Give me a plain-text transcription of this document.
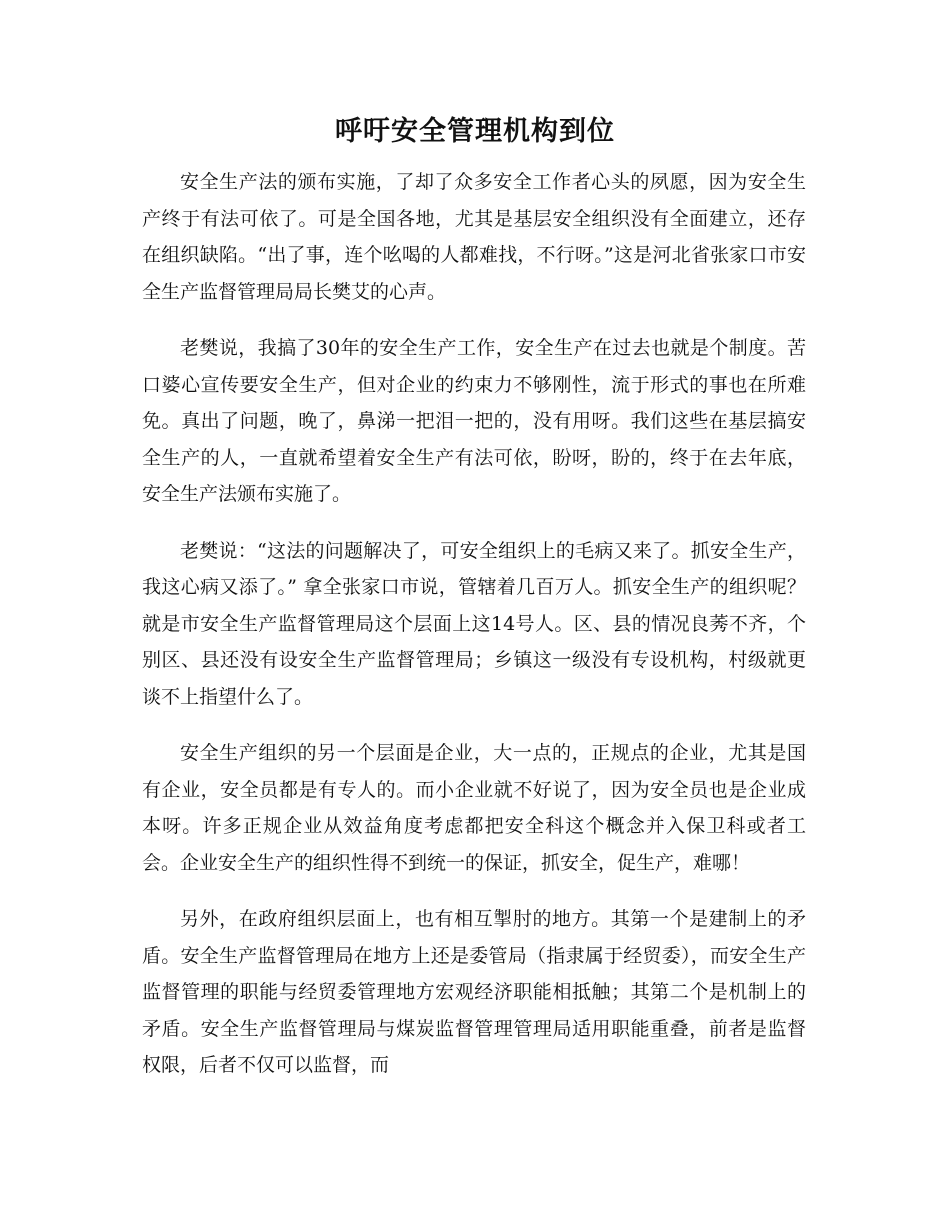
呼吁安全管理机构到位

安全生产法的颁布实施，了却了众多安全工作者心头的夙愿，因为安全生产终于有法可依了。可是全国各地，尤其是基层安全组织没有全面建立，还存在组织缺陷。“出了事，连个吆喝的人都难找，不行呀。”这是河北省张家口市安全生产监督管理局局长樊艾的心声。

老樊说，我搞了30年的安全生产工作，安全生产在过去也就是个制度。苦口婆心宣传要安全生产，但对企业的约束力不够刚性，流于形式的事也在所难免。真出了问题，晚了，鼻涕一把泪一把的，没有用呀。我们这些在基层搞安全生产的人，一直就希望着安全生产有法可依，盼呀，盼的，终于在去年底，安全生产法颁布实施了。

老樊说：“这法的问题解决了，可安全组织上的毛病又来了。抓安全生产，我这心病又添了。” 拿全张家口市说，管辖着几百万人。抓安全生产的组织呢？就是市安全生产监督管理局这个层面上这14号人。区、县的情况良莠不齐，个别区、县还没有设安全生产监督管理局；乡镇这一级没有专设机构，村级就更谈不上指望什么了。

安全生产组织的另一个层面是企业，大一点的，正规点的企业，尤其是国有企业，安全员都是有专人的。而小企业就不好说了，因为安全员也是企业成本呀。许多正规企业从效益角度考虑都把安全科这个概念并入保卫科或者工会。企业安全生产的组织性得不到统一的保证，抓安全，促生产，难哪！

另外，在政府组织层面上，也有相互掣肘的地方。其第一个是建制上的矛盾。安全生产监督管理局在地方上还是委管局（指隶属于经贸委），而安全生产监督管理的职能与经贸委管理地方宏观经济职能相抵触；其第二个是机制上的矛盾。安全生产监督管理局与煤炭监督管理管理局适用职能重叠，前者是监督权限，后者不仅可以监督，而
